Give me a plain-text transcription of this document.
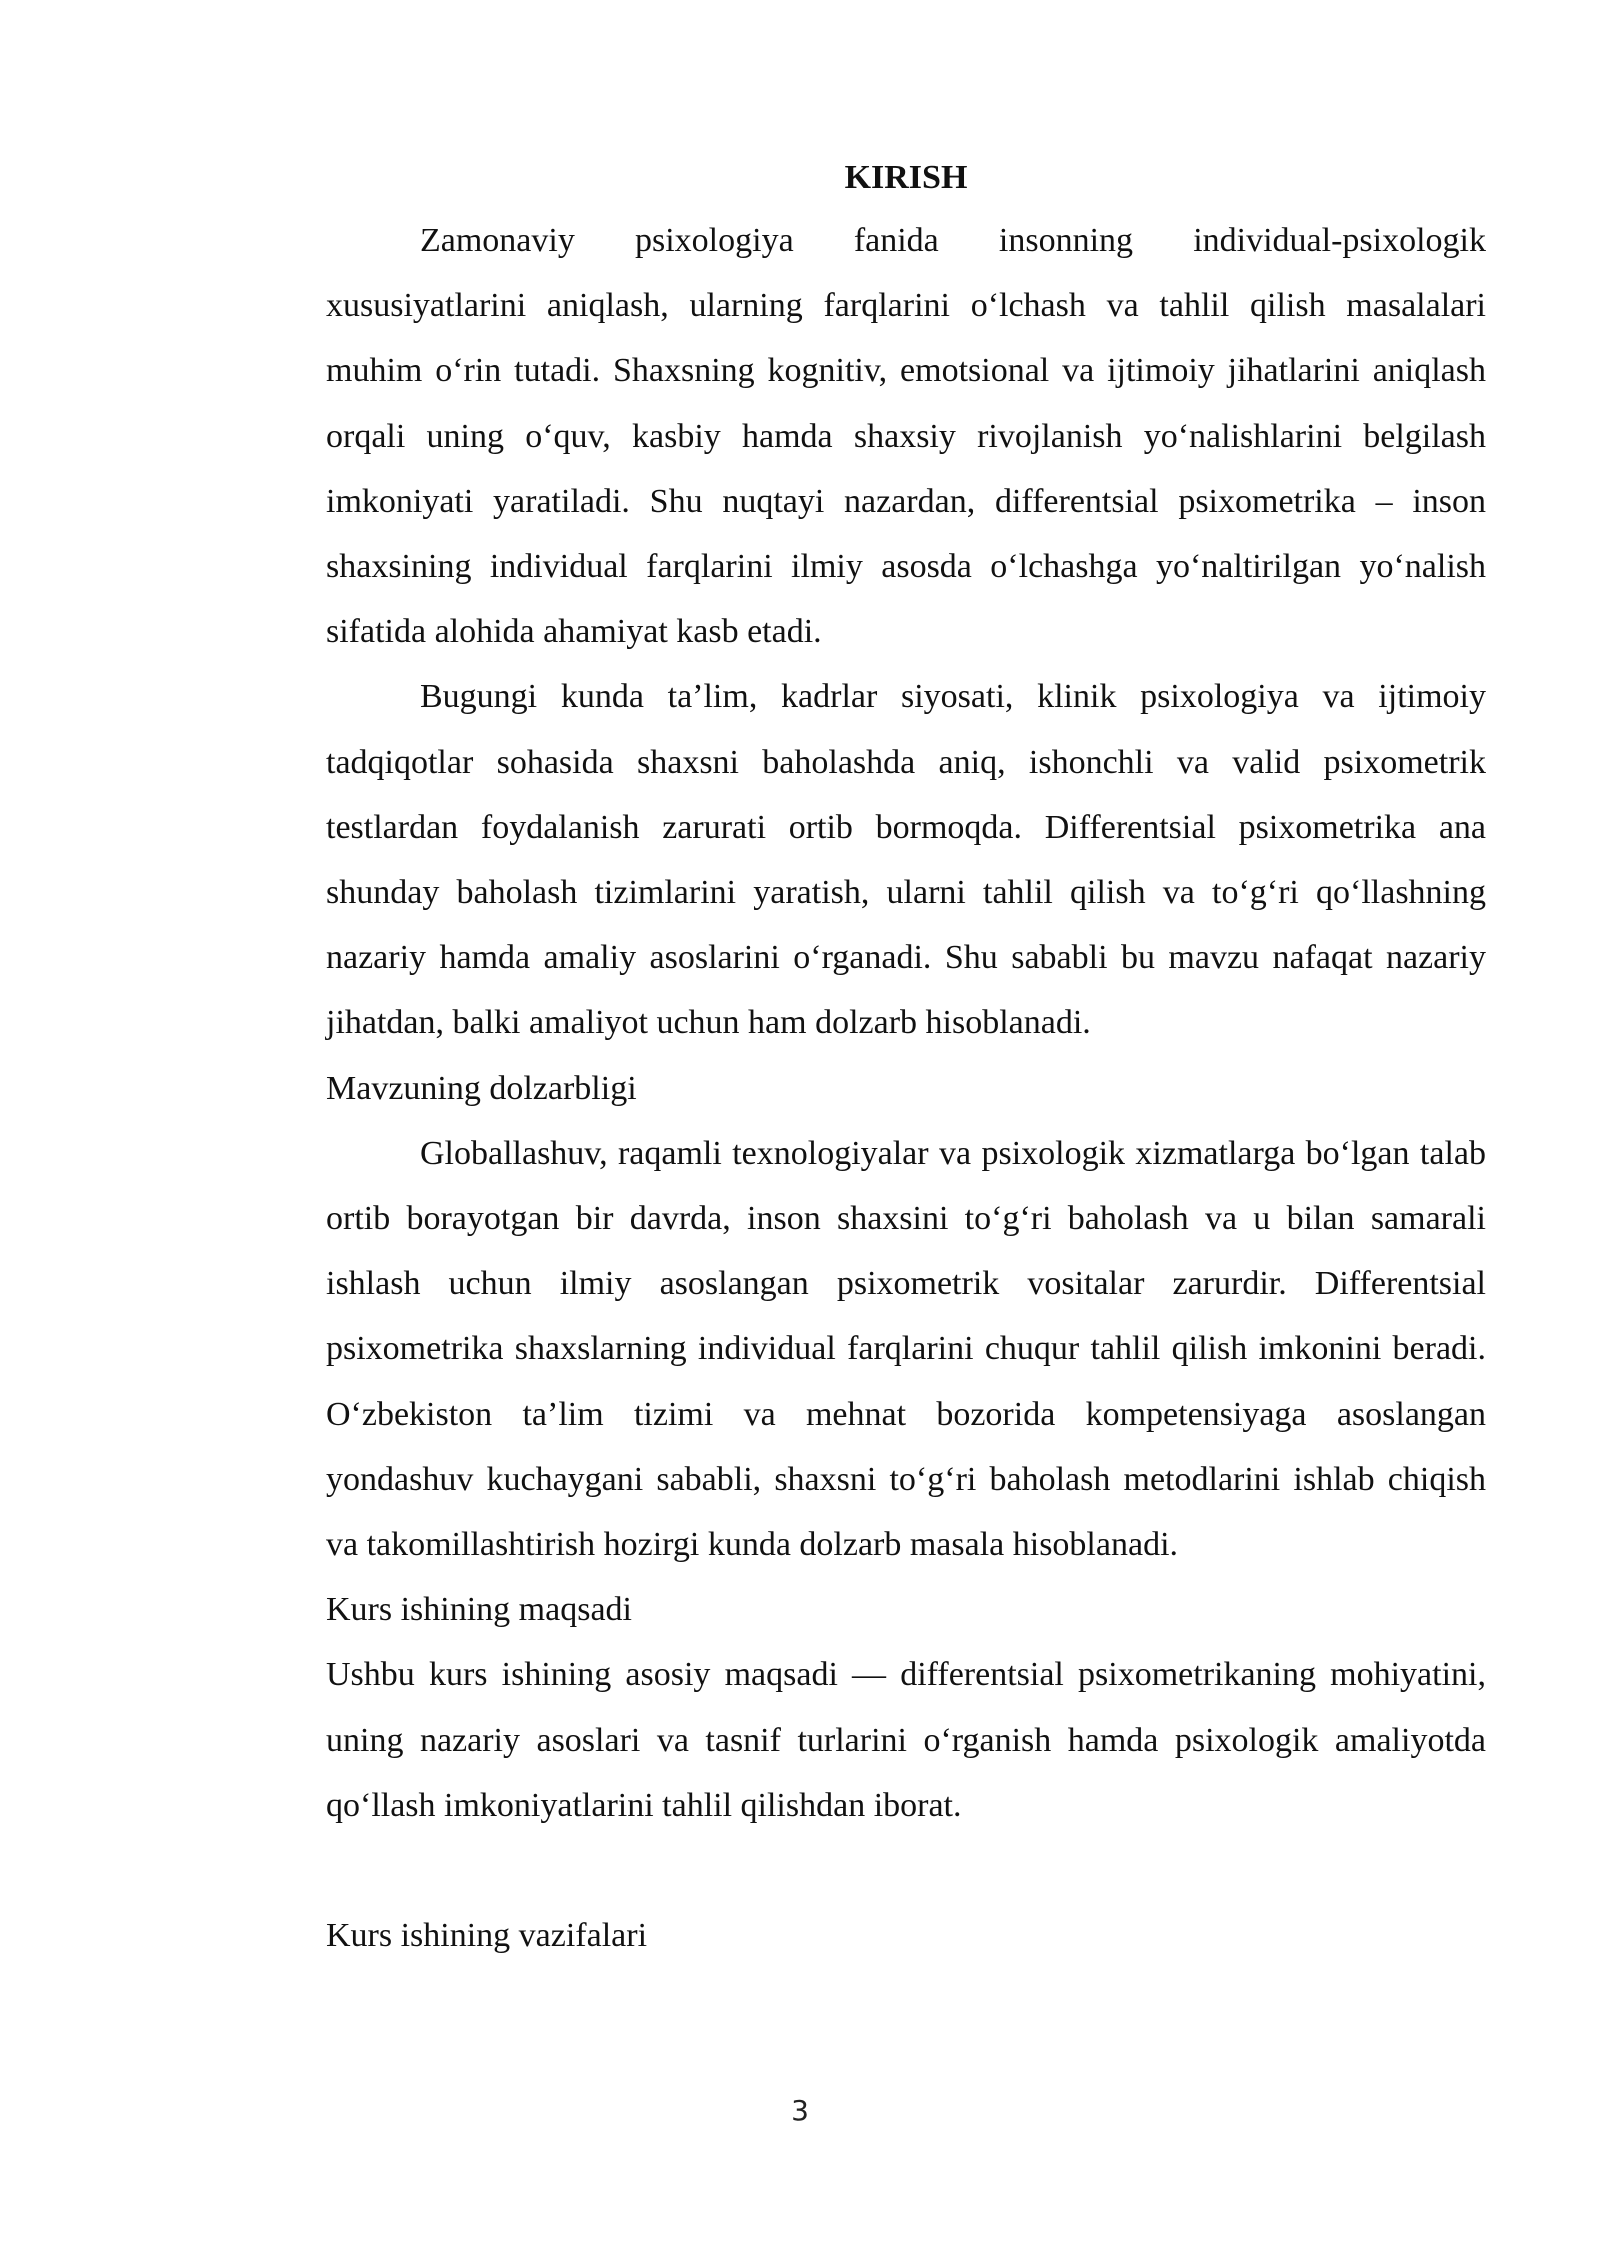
KIRISH

Zamonaviy psixologiya fanida insonning individual-psixologik xususiyatlarini aniqlash, ularning farqlarini o‘lchash va tahlil qilish masalalari muhim o‘rin tutadi. Shaxsning kognitiv, emotsional va ijtimoiy jihatlarini aniqlash orqali uning o‘quv, kasbiy hamda shaxsiy rivojlanish yo‘nalishlarini belgilash imkoniyati yaratiladi. Shu nuqtayi nazardan, differentsial psixometrika – inson shaxsining individual farqlarini ilmiy asosda o‘lchashga yo‘naltirilgan yo‘nalish sifatida alohida ahamiyat kasb etadi.

Bugungi kunda ta’lim, kadrlar siyosati, klinik psixologiya va ijtimoiy tadqiqotlar sohasida shaxsni baholashda aniq, ishonchli va valid psixometrik testlardan foydalanish zarurati ortib bormoqda. Differentsial psixometrika ana shunday baholash tizimlarini yaratish, ularni tahlil qilish va to‘g‘ri qo‘llashning nazariy hamda amaliy asoslarini o‘rganadi. Shu sababli bu mavzu nafaqat nazariy jihatdan, balki amaliyot uchun ham dolzarb hisoblanadi.

Mavzuning dolzarbligi

Globallashuv, raqamli texnologiyalar va psixologik xizmatlarga bo‘lgan talab ortib borayotgan bir davrda, inson shaxsini to‘g‘ri baholash va u bilan samarali ishlash uchun ilmiy asoslangan psixometrik vositalar zarurdir. Differentsial psixometrika shaxslarning individual farqlarini chuqur tahlil qilish imkonini beradi. O‘zbekiston ta’lim tizimi va mehnat bozorida kompetensiyaga asoslangan yondashuv kuchaygani sababli, shaxsni to‘g‘ri baholash metodlarini ishlab chiqish va takomillashtirish hozirgi kunda dolzarb masala hisoblanadi.

Kurs ishining maqsadi

Ushbu kurs ishining asosiy maqsadi — differentsial psixometrikaning mohiyatini, uning nazariy asoslari va tasnif turlarini o‘rganish hamda psixologik amaliyotda qo‘llash imkoniyatlarini tahlil qilishdan iborat.

Kurs ishining vazifalari

3
